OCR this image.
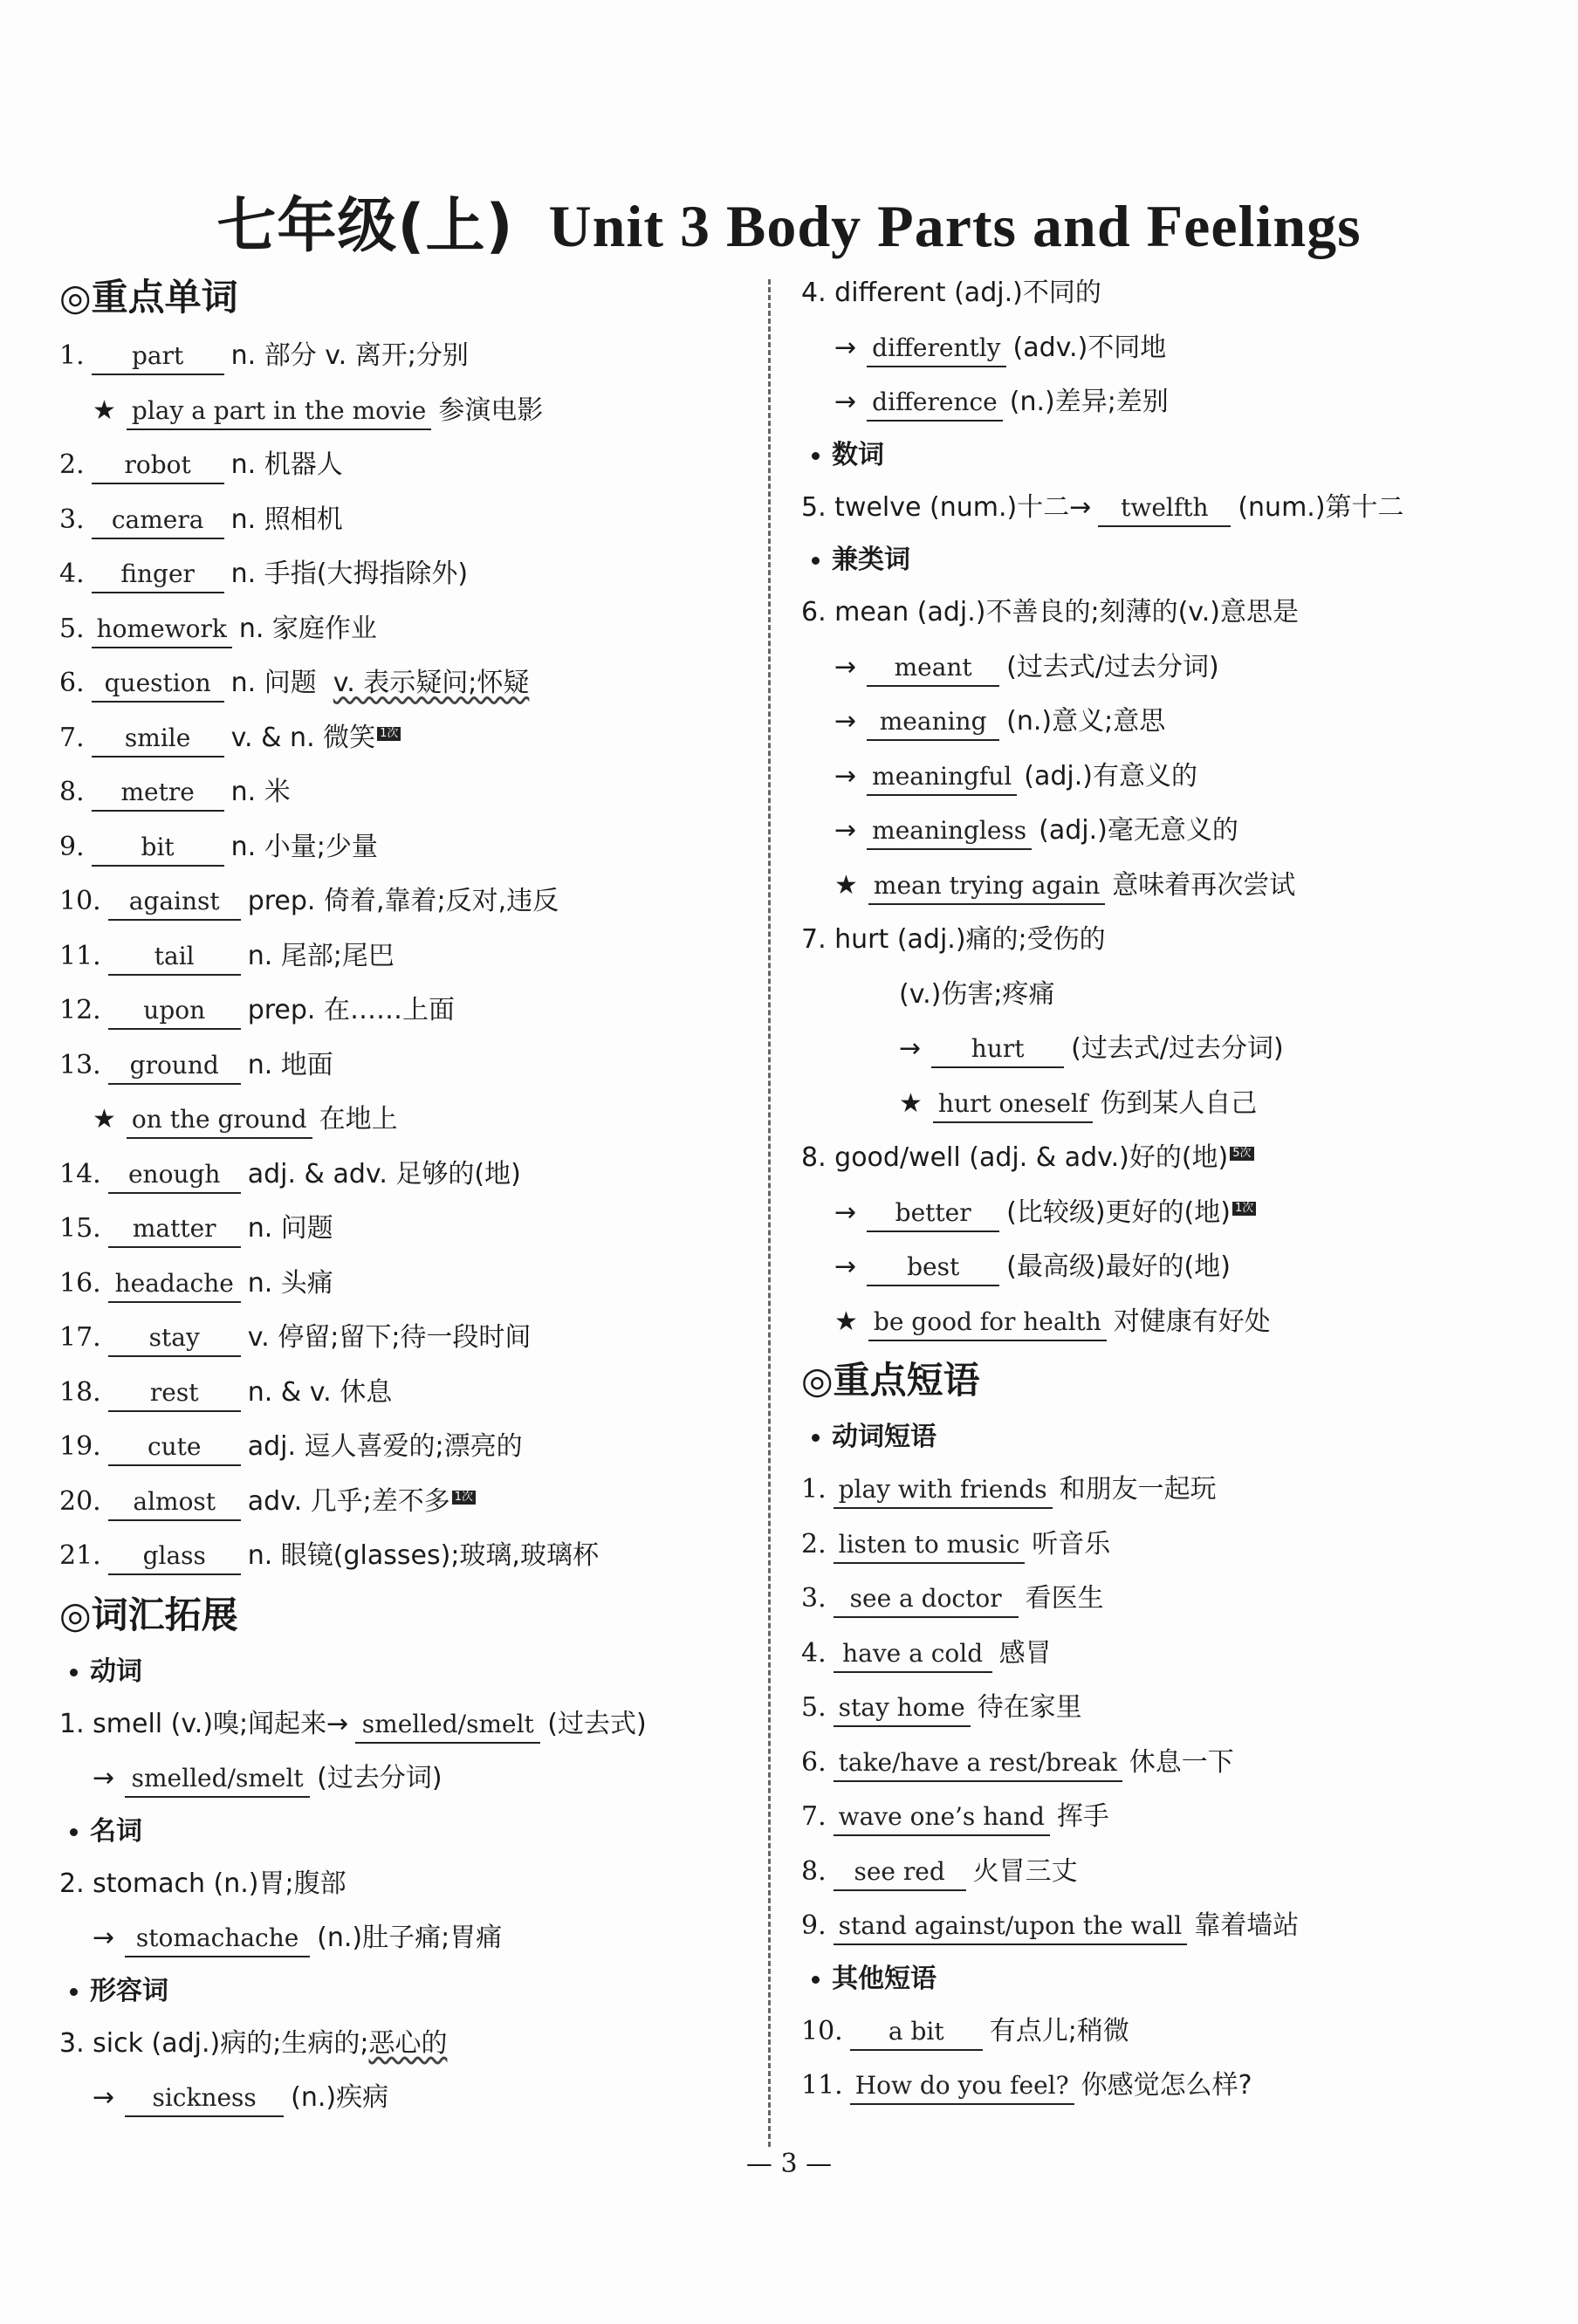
七年级(上) Unit 3 Body Parts and Feelings
◎重点单词
1. part n. 部分 v. 离开;分别
★ play a part in the movie 参演电影
2. robot n. 机器人
3. camera n. 照相机
4. finger n. 手指(大拇指除外)
5. homework n. 家庭作业
6. question n. 问题 v. 表示疑问;怀疑
7. smile v. & n. 微笑 1次
8. metre n. 米
9. bit n. 小量;少量
10. against prep. 倚着,靠着;反对,违反
11. tail n. 尾部;尾巴
12. upon prep. 在……上面
13. ground n. 地面
★ on the ground 在地上
14. enough adj. & adv. 足够的(地)
15. matter n. 问题
16. headache n. 头痛
17. stay v. 停留;留下;待一段时间
18. rest n. & v. 休息
19. cute adj. 逗人喜爱的;漂亮的
20. almost adv. 几乎;差不多 1次
21. glass n. 眼镜(glasses);玻璃,玻璃杯
◎词汇拓展
动词
1. smell (v.)嗅;闻起来→ smelled/smelt (过去式)
→ smelled/smelt (过去分词)
名词
2. stomach (n.)胃;腹部
→ stomachache (n.)肚子痛;胃痛
形容词
3. sick (adj.)病的;生病的;恶心的
→ sickness (n.)疾病
4. different (adj.)不同的
→ differently (adv.)不同地
→ difference (n.)差异;差别
数词
5. twelve (num.)十二→ twelfth (num.)第十二
兼类词
6. mean (adj.)不善良的;刻薄的(v.)意思是
→ meant (过去式/过去分词)
→ meaning (n.)意义;意思
→ meaningful (adj.)有意义的
→ meaningless (adj.)毫无意义的
★ mean trying again 意味着再次尝试
7. hurt (adj.)痛的;受伤的
(v.)伤害;疼痛
→ hurt (过去式/过去分词)
★ hurt oneself 伤到某人自己
8. good/well (adj. & adv.)好的(地) 5次
→ better (比较级)更好的(地) 1次
→ best (最高级)最好的(地)
★ be good for health 对健康有好处
◎重点短语
动词短语
1. play with friends 和朋友一起玩
2. listen to music 听音乐
3. see a doctor 看医生
4. have a cold 感冒
5. stay home 待在家里
6. take/have a rest/break 休息一下
7. wave one’s hand 挥手
8. see red 火冒三丈
9. stand against/upon the wall 靠着墙站
其他短语
10. a bit 有点儿;稍微
11. How do you feel? 你感觉怎么样?
— 3 —
